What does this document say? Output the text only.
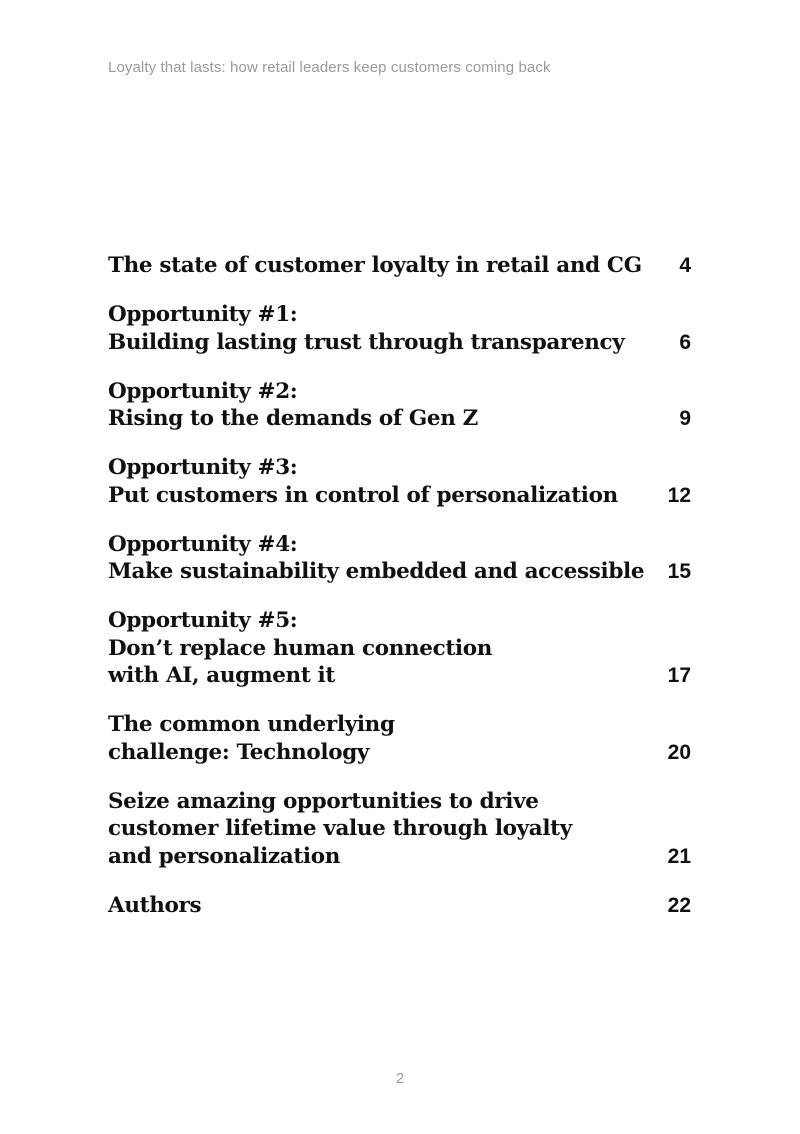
Loyalty that lasts: how retail leaders keep customers coming back
The state of customer loyalty in retail and CG 4
Opportunity #1:
Building lasting trust through transparency	6
Opportunity #2:
Rising to the demands of Gen Z	9
Opportunity #3:
Put customers in control of personalization 12
Opportunity #4:
Make sustainability embedded and accessible 15
Opportunity #5:
Don’t replace human connection
with AI, augment it	17
The common underlying
challenge: Technology	20
Seize amazing opportunities to drive
customer lifetime value through loyalty
and personalization	21
Authors	22
2
